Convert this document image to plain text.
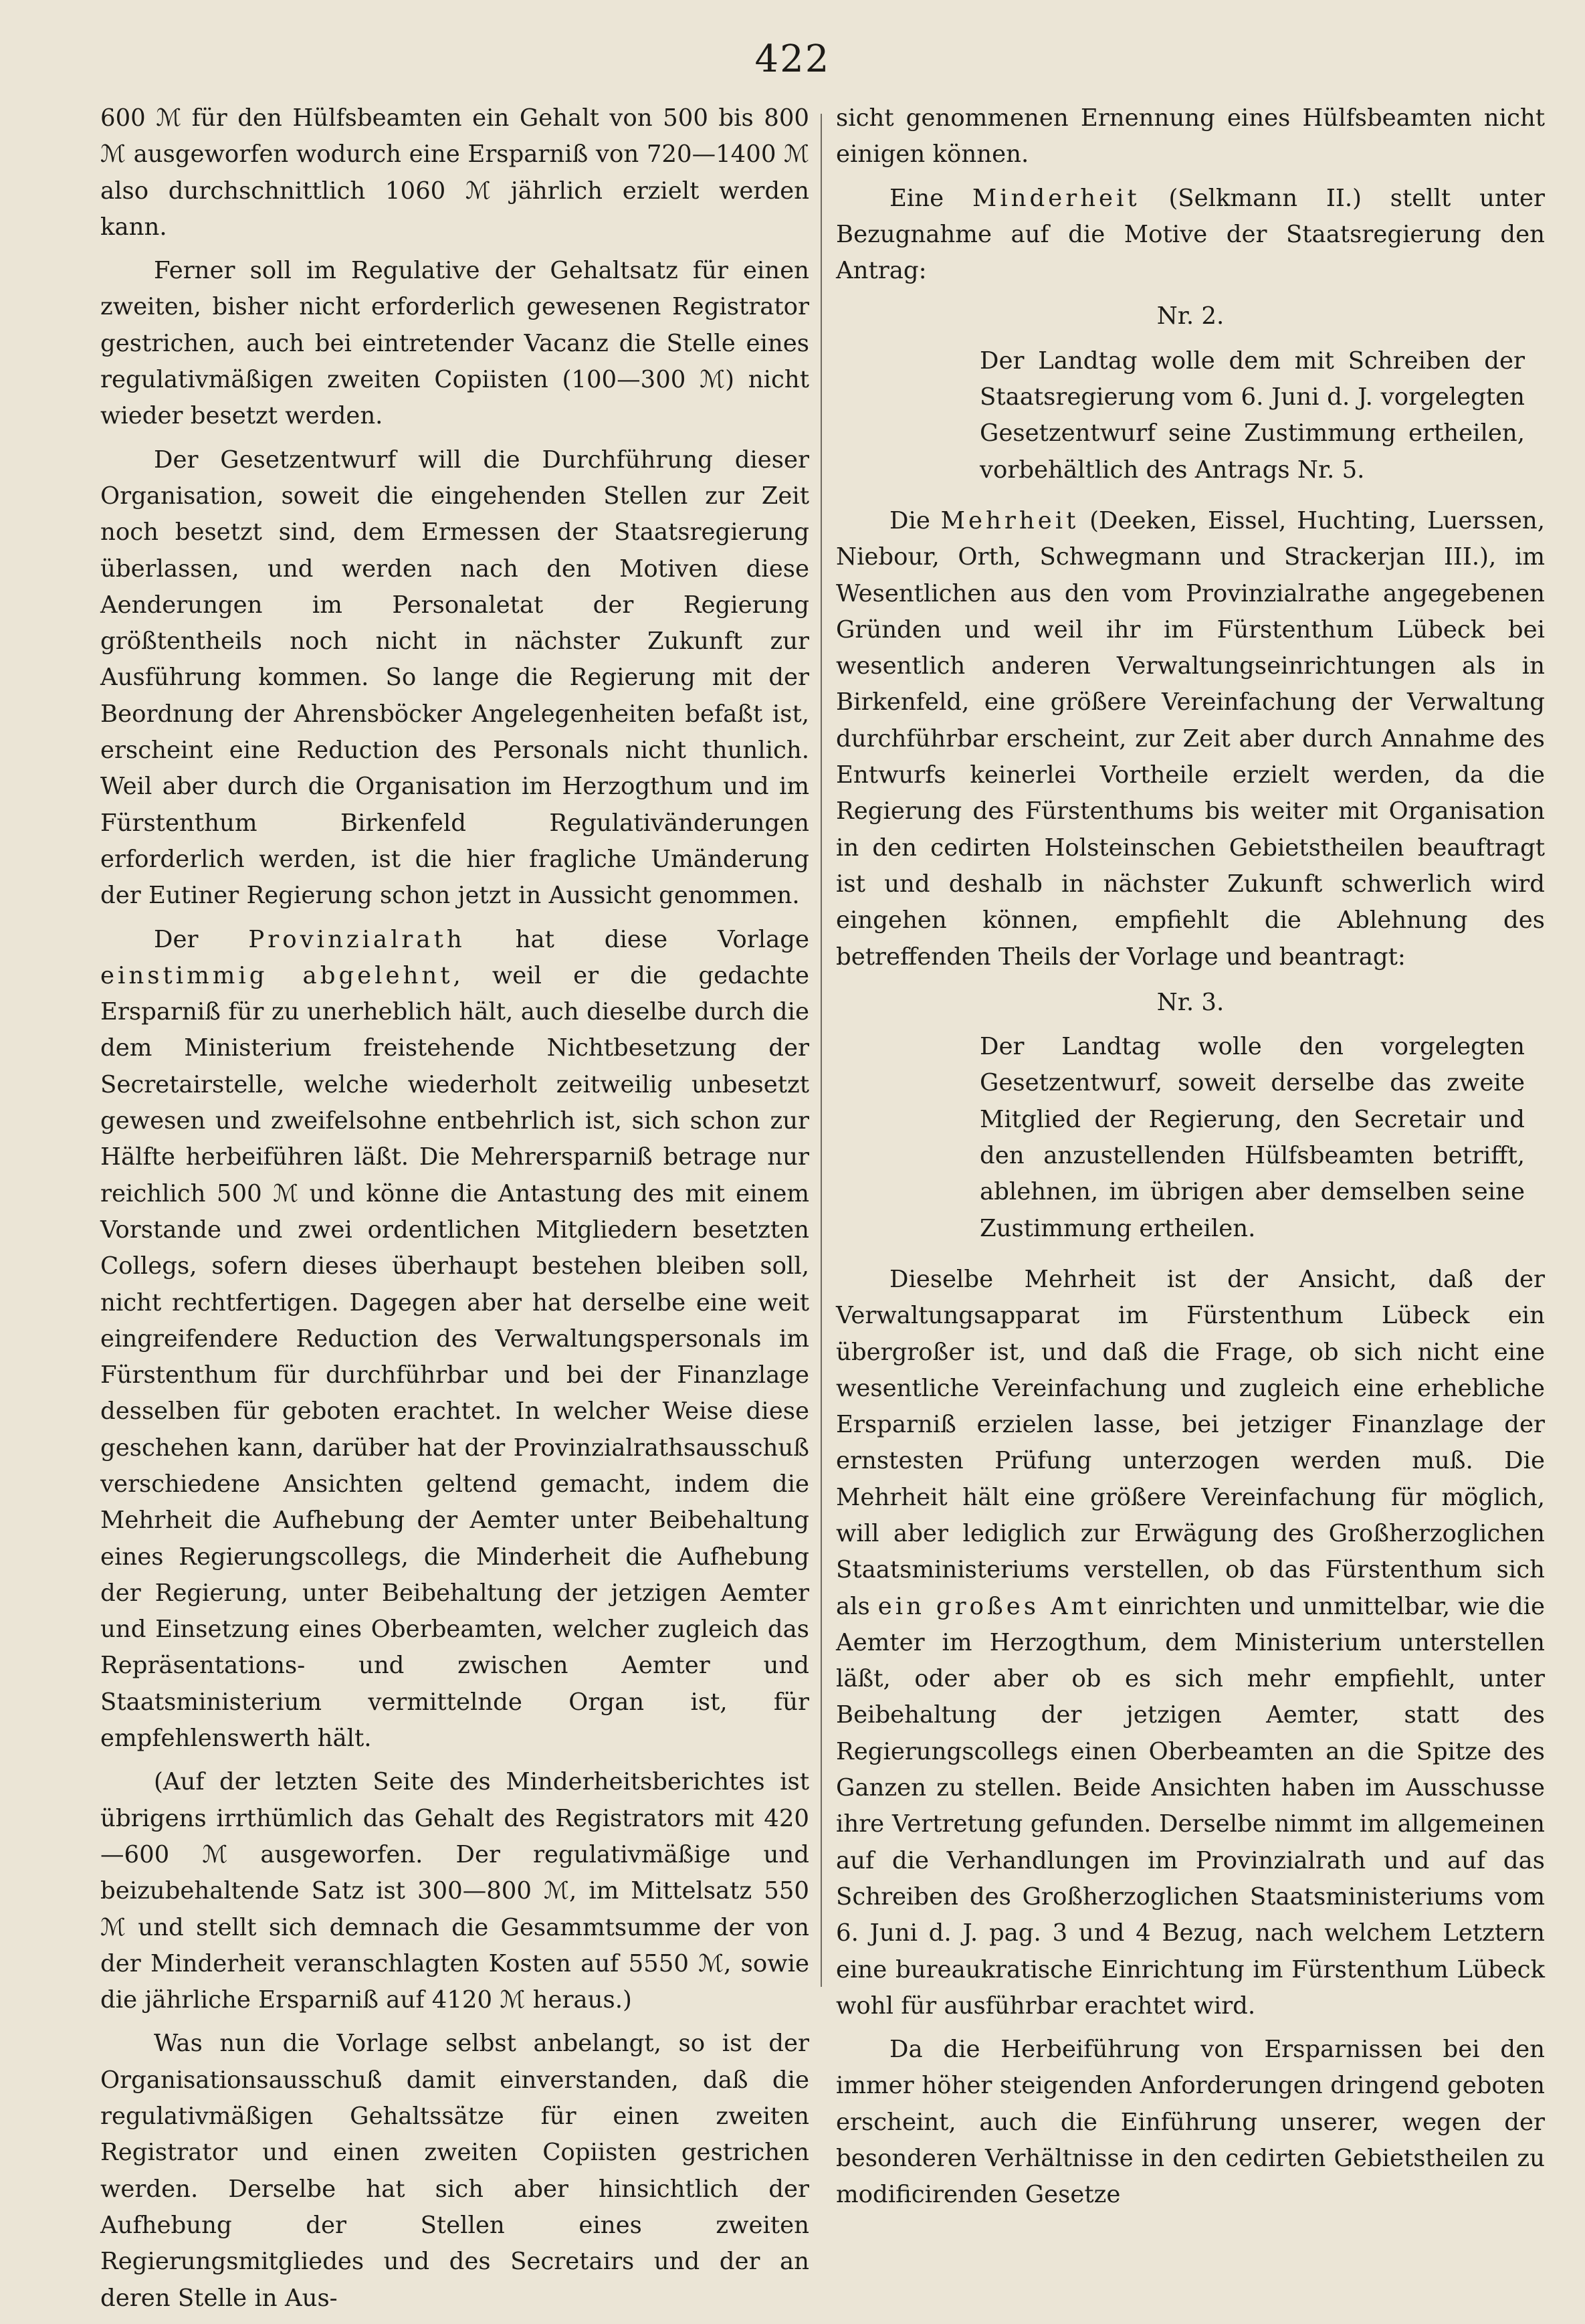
422

600 ℳ für den Hülfsbeamten ein Gehalt von 500 bis 800 ℳ ausgeworfen wodurch eine Ersparniß von 720—1400 ℳ also durchschnittlich 1060 ℳ jährlich erzielt werden kann.

Ferner soll im Regulative der Gehaltsatz für einen zweiten, bisher nicht erforderlich gewesenen Registrator gestrichen, auch bei eintretender Vacanz die Stelle eines regulativmäßigen zweiten Copiisten (100—300 ℳ) nicht wieder besetzt werden.

Der Gesetzentwurf will die Durchführung dieser Organisation, soweit die eingehenden Stellen zur Zeit noch besetzt sind, dem Ermessen der Staatsregierung überlassen, und werden nach den Motiven diese Aenderungen im Personaletat der Regierung größtentheils noch nicht in nächster Zukunft zur Ausführung kommen. So lange die Regierung mit der Beordnung der Ahrensböcker Angelegenheiten befaßt ist, erscheint eine Reduction des Personals nicht thunlich. Weil aber durch die Organisation im Herzogthum und im Fürstenthum Birkenfeld Regulativänderungen erforderlich werden, ist die hier fragliche Umänderung der Eutiner Regierung schon jetzt in Aussicht genommen.

Der Provinzialrath hat diese Vorlage einstimmig abgelehnt, weil er die gedachte Ersparniß für zu unerheblich hält, auch dieselbe durch die dem Ministerium freistehende Nichtbesetzung der Secretairstelle, welche wiederholt zeitweilig unbesetzt gewesen und zweifelsohne entbehrlich ist, sich schon zur Hälfte herbeiführen läßt. Die Mehrersparniß betrage nur reichlich 500 ℳ und könne die Antastung des mit einem Vorstande und zwei ordentlichen Mitgliedern besetzten Collegs, sofern dieses überhaupt bestehen bleiben soll, nicht rechtfertigen. Dagegen aber hat derselbe eine weit eingreifendere Reduction des Verwaltungspersonals im Fürstenthum für durchführbar und bei der Finanzlage desselben für geboten erachtet. In welcher Weise diese geschehen kann, darüber hat der Provinzialrathsausschuß verschiedene Ansichten geltend gemacht, indem die Mehrheit die Aufhebung der Aemter unter Beibehaltung eines Regierungscollegs, die Minderheit die Aufhebung der Regierung, unter Beibehaltung der jetzigen Aemter und Einsetzung eines Oberbeamten, welcher zugleich das Repräsentations- und zwischen Aemter und Staatsministerium vermittelnde Organ ist, für empfehlenswerth hält.

(Auf der letzten Seite des Minderheitsberichtes ist übrigens irrthümlich das Gehalt des Registrators mit 420—600 ℳ ausgeworfen. Der regulativmäßige und beizubehaltende Satz ist 300—800 ℳ, im Mittelsatz 550 ℳ und stellt sich demnach die Gesammtsumme der von der Minderheit veranschlagten Kosten auf 5550 ℳ, sowie die jährliche Ersparniß auf 4120 ℳ heraus.)

Was nun die Vorlage selbst anbelangt, so ist der Organisationsausschuß damit einverstanden, daß die regulativmäßigen Gehaltssätze für einen zweiten Registrator und einen zweiten Copiisten gestrichen werden. Derselbe hat sich aber hinsichtlich der Aufhebung der Stellen eines zweiten Regierungsmitgliedes und des Secretairs und der an deren Stelle in Aus-

sicht genommenen Ernennung eines Hülfsbeamten nicht einigen können.

Eine Minderheit (Selkmann II.) stellt unter Bezugnahme auf die Motive der Staatsregierung den Antrag:

Nr. 2.

Der Landtag wolle dem mit Schreiben der Staatsregierung vom 6. Juni d. J. vorgelegten Gesetzentwurf seine Zustimmung ertheilen, vorbehältlich des Antrags Nr. 5.

Die Mehrheit (Deeken, Eissel, Huchting, Luerssen, Niebour, Orth, Schwegmann und Strackerjan III.), im Wesentlichen aus den vom Provinzialrathe angegebenen Gründen und weil ihr im Fürstenthum Lübeck bei wesentlich anderen Verwaltungseinrichtungen als in Birkenfeld, eine größere Vereinfachung der Verwaltung durchführbar erscheint, zur Zeit aber durch Annahme des Entwurfs keinerlei Vortheile erzielt werden, da die Regierung des Fürstenthums bis weiter mit Organisation in den cedirten Holsteinschen Gebietstheilen beauftragt ist und deshalb in nächster Zukunft schwerlich wird eingehen können, empfiehlt die Ablehnung des betreffenden Theils der Vorlage und beantragt:

Nr. 3.

Der Landtag wolle den vorgelegten Gesetzentwurf, soweit derselbe das zweite Mitglied der Regierung, den Secretair und den anzustellenden Hülfsbeamten betrifft, ablehnen, im übrigen aber demselben seine Zustimmung ertheilen.

Dieselbe Mehrheit ist der Ansicht, daß der Verwaltungsapparat im Fürstenthum Lübeck ein übergroßer ist, und daß die Frage, ob sich nicht eine wesentliche Vereinfachung und zugleich eine erhebliche Ersparniß erzielen lasse, bei jetziger Finanzlage der ernstesten Prüfung unterzogen werden muß. Die Mehrheit hält eine größere Vereinfachung für möglich, will aber lediglich zur Erwägung des Großherzoglichen Staatsministeriums verstellen, ob das Fürstenthum sich als ein großes Amt einrichten und unmittelbar, wie die Aemter im Herzogthum, dem Ministerium unterstellen läßt, oder aber ob es sich mehr empfiehlt, unter Beibehaltung der jetzigen Aemter, statt des Regierungscollegs einen Oberbeamten an die Spitze des Ganzen zu stellen. Beide Ansichten haben im Ausschusse ihre Vertretung gefunden. Derselbe nimmt im allgemeinen auf die Verhandlungen im Provinzialrath und auf das Schreiben des Großherzoglichen Staatsministeriums vom 6. Juni d. J. pag. 3 und 4 Bezug, nach welchem Letztern eine bureaukratische Einrichtung im Fürstenthum Lübeck wohl für ausführbar erachtet wird.

Da die Herbeiführung von Ersparnissen bei den immer höher steigenden Anforderungen dringend geboten erscheint, auch die Einführung unserer, wegen der besonderen Verhältnisse in den cedirten Gebietstheilen zu modificirenden Gesetze
